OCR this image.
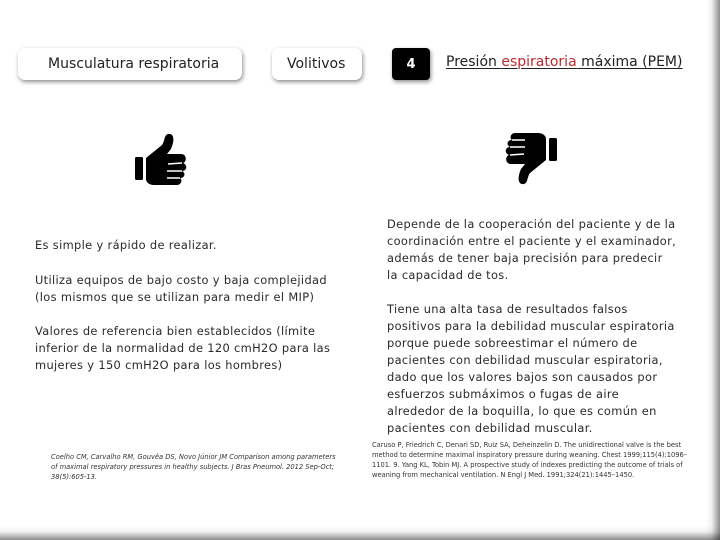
Musculatura respiratoria	Volitivos	4 Presión espiratoria máxima (PEM)

Es simple y rápido de realizar.

Utiliza equipos de bajo costo y baja complejidad (los mismos que se utilizan para medir el MIP)

Valores de referencia bien establecidos (límite inferior de la normalidad de 120 cmH2O para las mujeres y 150 cmH2O para los hombres)

Depende de la cooperación del paciente y de la coordinación entre el paciente y el examinador, además de tener baja precisión para predecir la capacidad de tos.

Tiene una alta tasa de resultados falsos positivos para la debilidad muscular espiratoria porque puede sobreestimar el número de pacientes con debilidad muscular espiratoria, dado que los valores bajos son causados por esfuerzos submáximos o fugas de aire alrededor de la boquilla, lo que es común en pacientes con debilidad muscular.

Coelho CM, Carvalho RM, Gouvêa DS, Novo Júnior JM Comparison among parameters of maximal respiratory pressures in healthy subjects. J Bras Pneumol. 2012 Sep-Oct; 38(5):605-13.

Caruso P, Friedrich C, Denari SD, Ruiz SA, Deheinzelin D. The unidirectional valve is the best method to determine maximal inspiratory pressure during weaning. Chest 1999;115(4):1096–1101. 9. Yang KL, Tobin MJ. A prospective study of indexes predicting the outcome of trials of weaning from mechanical ventilation. N Engl J Med. 1991;324(21):1445–1450.
